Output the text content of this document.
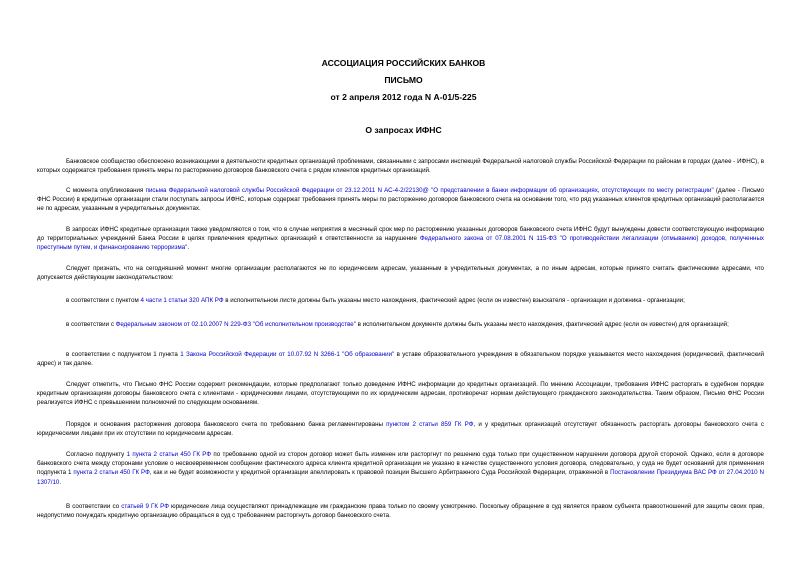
АССОЦИАЦИЯ РОССИЙСКИХ БАНКОВ
ПИСЬМО
от 2 апреля 2012 года N А-01/5-225
О запросах ИФНС

Банковское сообщество обеспокоено возникающими в деятельности кредитных организаций проблемами, связанными с запросами инспекций Федеральной налоговой службы Российской Федерации по районам в городах (далее - ИФНС), в которых содержатся требования принять меры по расторжению договоров банковского счета с рядом клиентов кредитных организаций.

С момента опубликования письма Федеральной налоговой службы Российской Федерации от 23.12.2011 N АС-4-2/22130@ "О представлении в банки информации об организациях, отсутствующих по месту регистрации" (далее - Письмо ФНС России) в кредитные организации стали поступать запросы ИФНС, которые содержат требования принять меры по расторжению договоров банковского счета на основании того, что ряд указанных клиентов кредитных организаций располагается не по адресам, указанным в учредительных документах.

В запросах ИФНС кредитные организации также уведомляются о том, что в случае неприятия в месячный срок мер по расторжению указанных договоров банковского счета ИФНС будут вынуждены довести соответствующую информацию до территориальных учреждений Банка России в целях привлечения кредитных организаций к ответственности за нарушение Федерального закона от 07.08.2001 N 115-ФЗ "О противодействии легализации (отмыванию) доходов, полученных преступным путем, и финансированию терроризма".

Следует признать, что на сегодняшний момент многие организации располагаются не по юридическим адресам, указанным в учредительных документах, а по иным адресам, которые принято считать фактическими адресами, что допускается действующим законодательством:

в соответствии с пунктом 4 части 1 статьи 320 АПК РФ в исполнительном листе должны быть указаны место нахождения, фактический адрес (если он известен) взыскателя - организации и должника - организации;

в соответствии с Федеральным законом от 02.10.2007 N 229-ФЗ "Об исполнительном производстве" в исполнительном документе должны быть указаны место нахождения, фактический адрес (если он известен) для организаций;

в соответствии с подпунктом 1 пункта 1 Закона Российской Федерации от 10.07.92 N 3266-1 "Об образовании" в уставе образовательного учреждения в обязательном порядке указывается место нахождения (юридический, фактический адрес) и так далее.

Следует отметить, что Письмо ФНС России содержит рекомендации, которые предполагают только доведение ИФНС информации до кредитных организаций. По мнению Ассоциации, требования ИФНС расторгать в судебном порядке кредитным организациям договоры банковского счета с клиентами - юридическими лицами, отсутствующими по их юридическим адресам, противоречат нормам действующего гражданского законодательства. Таким образом, Письмо ФНС России реализуется ИФНС с превышением полномочий по следующим основаниям.

Порядок и основания расторжения договора банковского счета по требованию банка регламентированы пунктом 2 статьи 859 ГК РФ, и у кредитных организаций отсутствует обязанность расторгать договоры банковского счета с юридическими лицами при их отсутствии по юридическим адресам.

Согласно подпункту 1 пункта 2 статьи 450 ГК РФ по требованию одной из сторон договор может быть изменен или расторгнут по решению суда только при существенном нарушении договора другой стороной. Однако, если в договоре банковского счета между сторонами условие о несвоевременном сообщении фактического адреса клиента кредитной организации не указано в качестве существенного условия договора, следовательно, у суда не будет оснований для применения подпункта 1 пункта 2 статьи 450 ГК РФ, как и не будет возможности у кредитной организации апеллировать к правовой позиции Высшего Арбитражного Суда Российской Федерации, отраженной в Постановлении Президиума ВАС РФ от 27.04.2010 N 1307/10.

В соответствии со статьей 9 ГК РФ юридические лица осуществляют принадлежащие им гражданские права только по своему усмотрению. Поскольку обращение в суд является правом субъекта правоотношений для защиты своих прав, недопустимо понуждать кредитную организацию обращаться в суд с требованием расторгнуть договор банковского счета.
